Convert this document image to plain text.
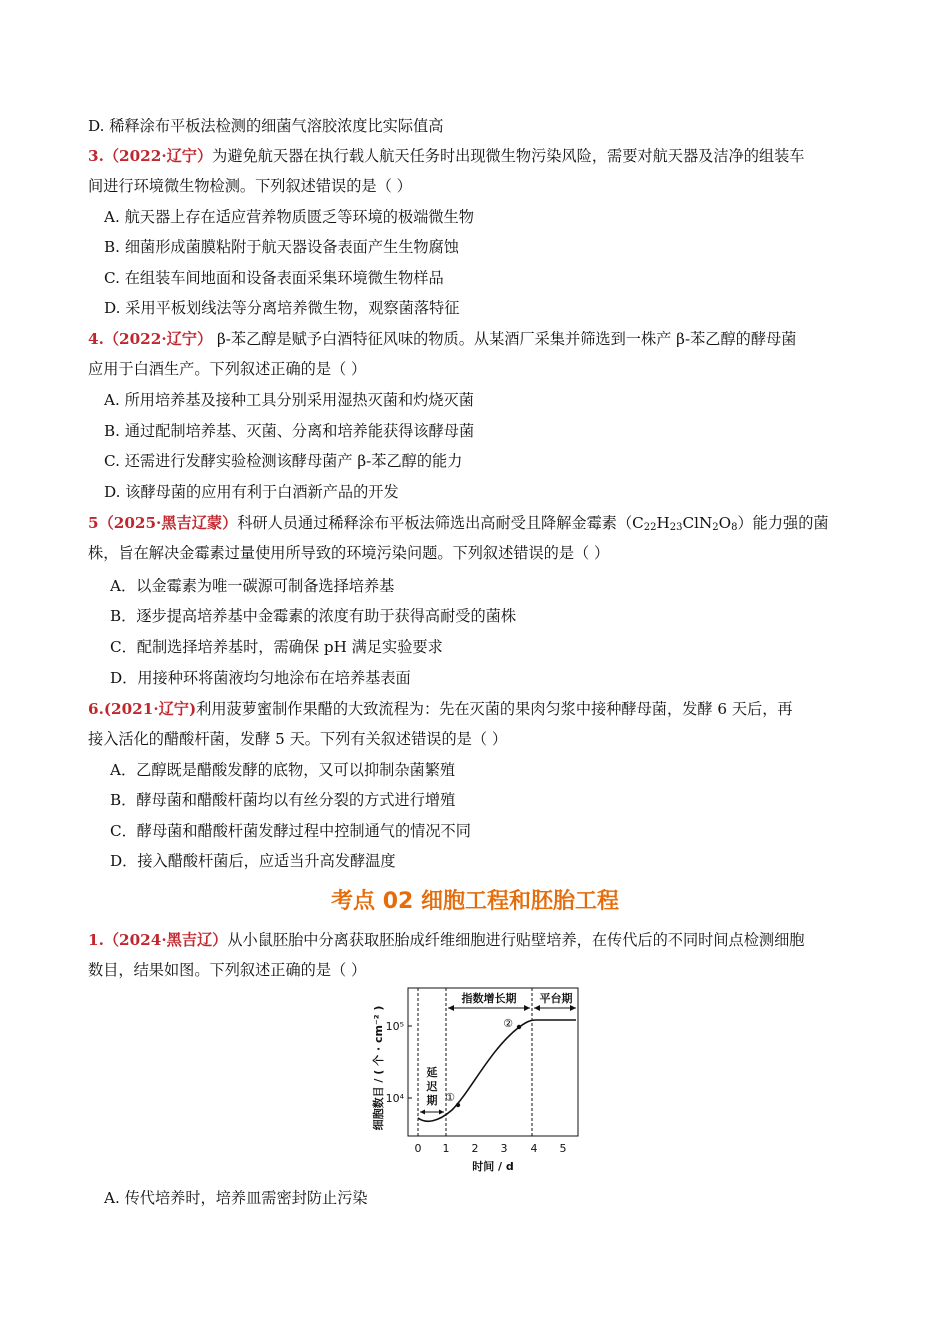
D. 稀释涂布平板法检测的细菌气溶胶浓度比实际值高
3.（2022·辽宁）为避免航天器在执行载人航天任务时出现微生物污染风险，需要对航天器及洁净的组装车
间进行环境微生物检测。下列叙述错误的是（ ）
A. 航天器上存在适应营养物质匮乏等环境的极端微生物
B. 细菌形成菌膜粘附于航天器设备表面产生生物腐蚀
C. 在组装车间地面和设备表面采集环境微生物样品
D. 采用平板划线法等分离培养微生物，观察菌落特征
4.（2022·辽宁） β-苯乙醇是赋予白酒特征风味的物质。从某酒厂采集并筛选到一株产 β-苯乙醇的酵母菌
应用于白酒生产。下列叙述正确的是（ ）
A. 所用培养基及接种工具分别采用湿热灭菌和灼烧灭菌
B. 通过配制培养基、灭菌、分离和培养能获得该酵母菌
C. 还需进行发酵实验检测该酵母菌产 β-苯乙醇的能力
D. 该酵母菌的应用有利于白酒新产品的开发
5（2025·黑吉辽蒙）科研人员通过稀释涂布平板法筛选出高耐受且降解金霉素$(C_{22}H_{23}ClN_2O_8)$能力强的菌
株，旨在解决金霉素过量使用所导致的环境污染问题。下列叙述错误的是（ ）
A．以金霉素为唯一碳源可制备选择培养基
B．逐步提高培养基中金霉素的浓度有助于获得高耐受的菌株
C．配制选择培养基时，需确保 pH 满足实验要求
D．用接种环将菌液均匀地涂布在培养基表面
6.(2021·辽宁)利用菠萝蜜制作果醋的大致流程为：先在灭菌的果肉匀浆中接种酵母菌，发酵 6 天后，再
接入活化的醋酸杆菌，发酵 5 天。下列有关叙述错误的是（ ）
A．乙醇既是醋酸发酵的底物，又可以抑制杂菌繁殖
B．酵母菌和醋酸杆菌均以有丝分裂的方式进行增殖
C．酵母菌和醋酸杆菌发酵过程中控制通气的情况不同
D．接入醋酸杆菌后，应适当升高发酵温度
考点 02 细胞工程和胚胎工程
1.（2024·黑吉辽）从小鼠胚胎中分离获取胚胎成纤维细胞进行贴壁培养，在传代后的不同时间点检测细胞
数目，结果如图。下列叙述正确的是（ ）
细胞数目 / ( 个 · cm⁻² ) 10⁵
10⁴
指数增长期 平台期
延
迟
期 ①
②
0 1 2 3 4 5
时间 / d
A. 传代培养时，培养皿需密封防止污染
